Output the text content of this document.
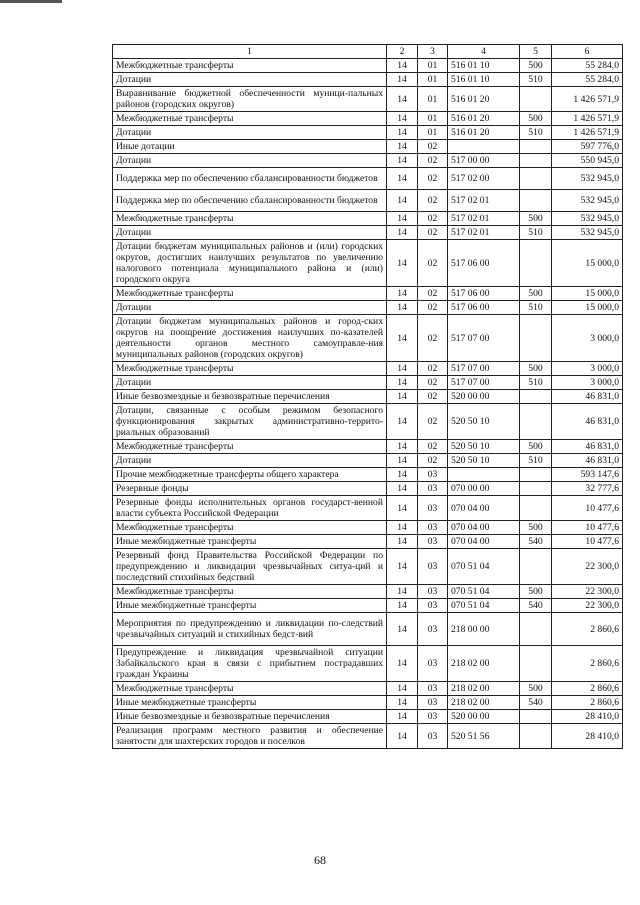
1	2	3	4	5	6
Межбюджетные трансферты	14	01	516 01 10	500	55 284,0
Дотации	14	01	516 01 10	510	55 284,0
Выравнивание бюджетной обеспеченности муници-пальных районов (городских округов)	14	01	516 01 20		1 426 571,9
Межбюджетные трансферты	14	01	516 01 20	500	1 426 571,9
Дотации	14	01	516 01 20	510	1 426 571,9
Иные дотации	14	02			597 776,0
Дотации	14	02	517 00 00		550 945,0
Поддержка мер по обеспечению сбалансированности бюджетов	14	02	517 02 00		532 945,0
Поддержка мер по обеспечению сбалансированности бюджетов	14	02	517 02 01		532 945,0
Межбюджетные трансферты	14	02	517 02 01	500	532 945,0
Дотации	14	02	517 02 01	510	532 945,0
Дотации бюджетам муниципальных районов и (или) городских округов, достигших наилучших результатов по увеличению налогового потенциала муниципального района и (или) городского округа	14	02	517 06 00		15 000,0
Межбюджетные трансферты	14	02	517 06 00	500	15 000,0
Дотации	14	02	517 06 00	510	15 000,0
Дотации бюджетам муниципальных районов и город-ских округов на поощрение достижения наилучших по-казателей деятельности органов местного самоуправле-ния муниципальных районов (городских округов)	14	02	517 07 00		3 000,0
Межбюджетные трансферты	14	02	517 07 00	500	3 000,0
Дотации	14	02	517 07 00	510	3 000,0
Иные безвозмездные и безвозвратные перечисления	14	02	520 00 00		46 831,0
Дотации, связанные с особым режимом безопасного функционирования закрытых административно-террито-риальных образований	14	02	520 50 10		46 831,0
Межбюджетные трансферты	14	02	520 50 10	500	46 831,0
Дотации	14	02	520 50 10	510	46 831,0
Прочие межбюджетные трансферты общего характера	14	03			593 147,6
Резервные фонды	14	03	070 00 00		32 777,6
Резервные фонды исполнительных органов государст-венной власти субъекта Российской Федерации	14	03	070 04 00		10 477,6
Межбюджетные трансферты	14	03	070 04 00	500	10 477,6
Иные межбюджетные трансферты	14	03	070 04 00	540	10 477,6
Резервный фонд Правительства Российской Федерации по предупреждению и ликвидации чрезвычайных ситуа-ций и последствий стихийных бедствий	14	03	070 51 04		22 300,0
Межбюджетные трансферты	14	03	070 51 04	500	22 300,0
Иные межбюджетные трансферты	14	03	070 51 04	540	22 300,0
Мероприятия по предупреждению и ликвидации по-следствий чрезвычайных ситуаций и стихийных бедст-вий	14	03	218 00 00		2 860,6
Предупреждение и ликвидация чрезвычайной ситуации Забайкальского края в связи с прибытием пострадавших граждан Украины	14	03	218 02 00		2 860,6
Межбюджетные трансферты	14	03	218 02 00	500	2 860,6
Иные межбюджетные трансферты	14	03	218 02 00	540	2 860,6
Иные безвозмездные и безвозвратные перечисления	14	03	520 00 00		28 410,0
Реализация программ местного развития и обеспечение занятости для шахтерских городов и поселков	14	03	520 51 56		28 410,0
68
